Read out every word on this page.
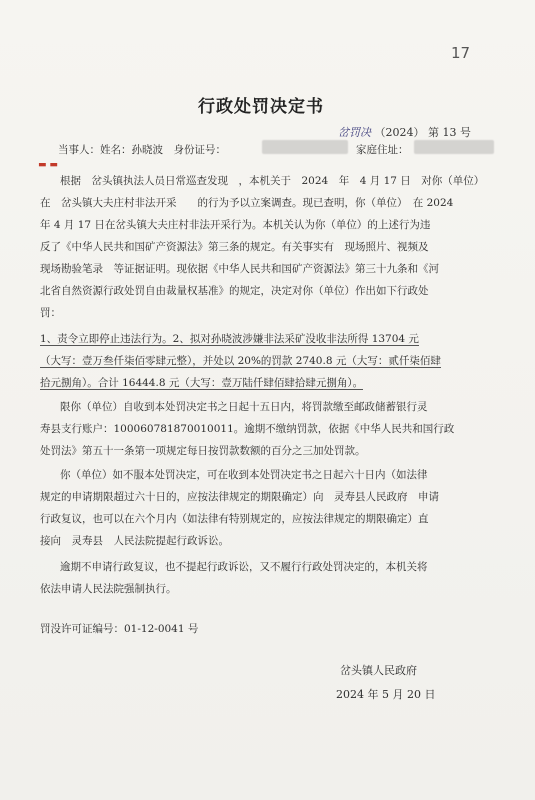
17
行政处罚决定书
岔罚决 （2024） 第 13 号
当事人：姓名：孙晓波　身份证号：	家庭住址：
▬ ▬
根据　岔头镇执法人员日常巡查发现　，本机关于　2024　年　4 月 17 日　对你（单位）
在　岔头镇大夫庄村非法开采　　的行为予以立案调查。现已查明，你（单位）　在 2024
年 4 月 17 日在岔头镇大夫庄村非法开采行为。本机关认为你（单位）的上述行为违
反了《中华人民共和国矿产资源法》第三条的规定。有关事实有　现场照片、视频及
现场勘验笔录　等证据证明。现依据《中华人民共和国矿产资源法》第三十九条和《河
北省自然资源行政处罚自由裁量权基准》的规定，决定对你（单位）作出如下行政处
罚：
1、责令立即停止违法行为。2、拟对孙晓波涉嫌非法采矿没收非法所得 13704 元
（大写：壹万叁仟柒佰零肆元整），并处以 20%的罚款 2740.8 元（大写：贰仟柒佰肆
拾元捌角）。合计 16444.8 元（大写：壹万陆仟肆佰肆拾肆元捌角）。
限你（单位）自收到本处罚决定书之日起十五日内，将罚款缴至邮政储蓄银行灵
寿县支行账户：100060781870010011。逾期不缴纳罚款，依据《中华人民共和国行政
处罚法》第五十一条第一项规定每日按罚款数额的百分之三加处罚款。
你（单位）如不服本处罚决定，可在收到本处罚决定书之日起六十日内（如法律
规定的申请期限超过六十日的，应按法律规定的期限确定）向　灵寿县人民政府　申请
行政复议，也可以在六个月内（如法律有特别规定的，应按法律规定的期限确定）直
接向　灵寿县　人民法院提起行政诉讼。
逾期不申请行政复议，也不提起行政诉讼，又不履行行政处罚决定的，本机关将
依法申请人民法院强制执行。
罚没许可证编号：01-12-0041 号
岔头镇人民政府
2024 年 5 月 20 日
